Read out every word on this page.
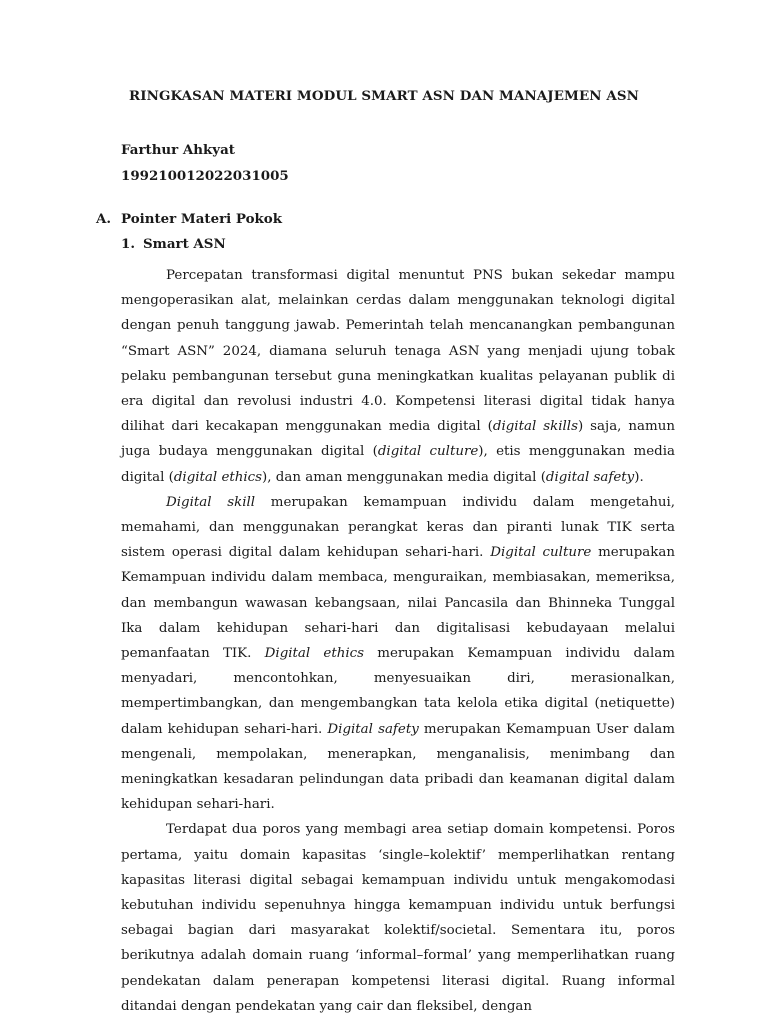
RINGKASAN MATERI MODUL SMART ASN DAN MANAJEMEN ASN
Farthur Ahkyat
199210012022031005
A. Pointer Materi Pokok
1. Smart ASN

Percepatan transformasi digital menuntut PNS bukan sekedar mampu mengoperasikan alat, melainkan cerdas dalam menggunakan teknologi digital dengan penuh tanggung jawab. Pemerintah telah mencanangkan pembangunan “Smart ASN” 2024, diamana seluruh tenaga ASN yang menjadi ujung tobak pelaku pembangunan tersebut guna meningkatkan kualitas pelayanan publik di era digital dan revolusi industri 4.0. Kompetensi literasi digital tidak hanya dilihat dari kecakapan menggunakan media digital (digital skills) saja, namun juga budaya menggunakan digital (digital culture), etis menggunakan media digital (digital ethics), dan aman menggunakan media digital (digital safety).

Digital skill merupakan kemampuan individu dalam mengetahui, memahami, dan menggunakan perangkat keras dan piranti lunak TIK serta sistem operasi digital dalam kehidupan sehari-hari. Digital culture merupakan Kemampuan individu dalam membaca, menguraikan, membiasakan, memeriksa, dan membangun wawasan kebangsaan, nilai Pancasila dan Bhinneka Tunggal Ika dalam kehidupan sehari-hari dan digitalisasi kebudayaan melalui pemanfaatan TIK. Digital ethics merupakan Kemampuan individu dalam menyadari, mencontohkan, menyesuaikan diri, merasionalkan, mempertimbangkan, dan mengembangkan tata kelola etika digital (netiquette) dalam kehidupan sehari-hari. Digital safety merupakan Kemampuan User dalam mengenali, mempolakan, menerapkan, menganalisis, menimbang dan meningkatkan kesadaran pelindungan data pribadi dan keamanan digital dalam kehidupan sehari-hari.

Terdapat dua poros yang membagi area setiap domain kompetensi. Poros pertama, yaitu domain kapasitas ‘single–kolektif’ memperlihatkan rentang kapasitas literasi digital sebagai kemampuan individu untuk mengakomodasi kebutuhan individu sepenuhnya hingga kemampuan individu untuk berfungsi sebagai bagian dari masyarakat kolektif/societal. Sementara itu, poros berikutnya adalah domain ruang ‘informal–formal’ yang memperlihatkan ruang pendekatan dalam penerapan kompetensi literasi digital. Ruang informal ditandai dengan pendekatan yang cair dan fleksibel, dengan
